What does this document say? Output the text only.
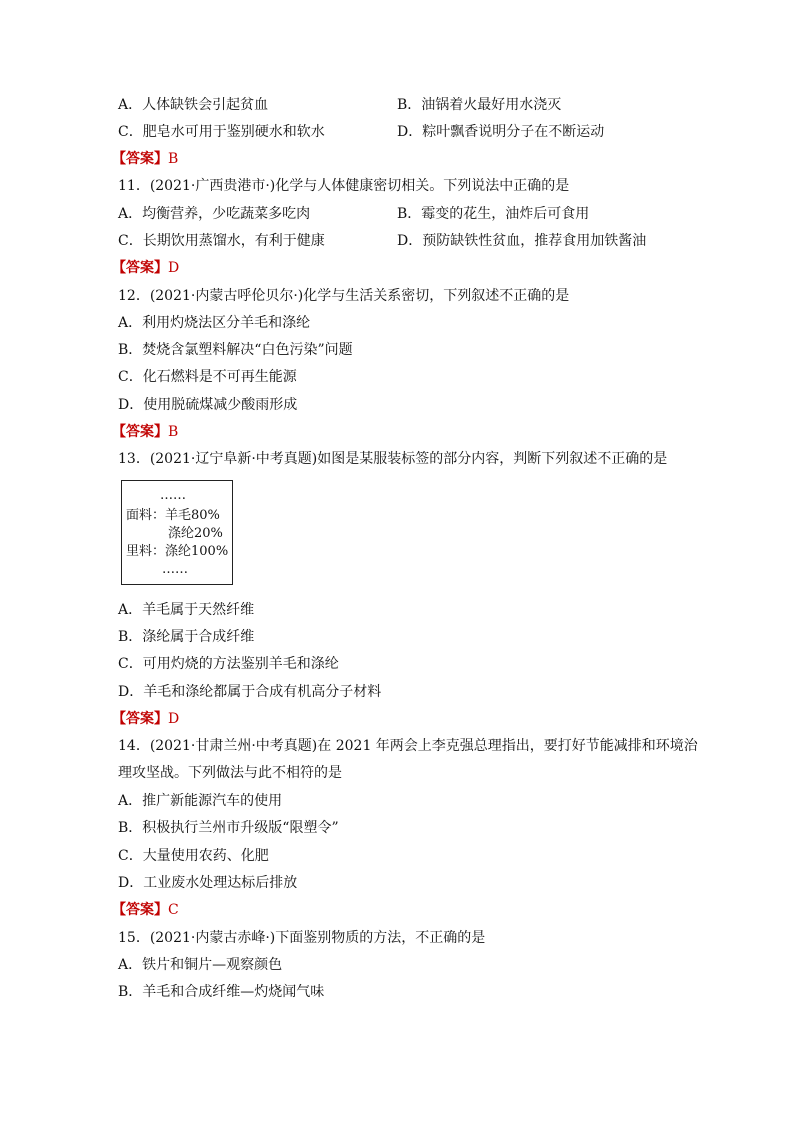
A．人体缺铁会引起贫血	B．油锅着火最好用水浇灭
C．肥皂水可用于鉴别硬水和软水	D．粽叶飘香说明分子在不断运动
【答案】B
11．(2021·广西贵港市·)化学与人体健康密切相关。下列说法中正确的是
A．均衡营养，少吃蔬菜多吃肉	B．霉变的花生，油炸后可食用
C．长期饮用蒸馏水，有利于健康	D．预防缺铁性贫血，推荐食用加铁酱油
【答案】D
12．(2021·内蒙古呼伦贝尔·)化学与生活关系密切，下列叙述不正确的是
A．利用灼烧法区分羊毛和涤纶
B．焚烧含氯塑料解决“白色污染”问题
C．化石燃料是不可再生能源
D．使用脱硫煤减少酸雨形成
【答案】B
13．(2021·辽宁阜新·中考真题)如图是某服装标签的部分内容，判断下列叙述不正确的是
……
面料：羊毛80%
涤纶20%
里料：涤纶100%
……
A．羊毛属于天然纤维
B．涤纶属于合成纤维
C．可用灼烧的方法鉴别羊毛和涤纶
D．羊毛和涤纶都属于合成有机高分子材料
【答案】D
14．(2021·甘肃兰州·中考真题)在 2021 年两会上李克强总理指出，要打好节能减排和环境治
理攻坚战。下列做法与此不相符的是
A．推广新能源汽车的使用
B．积极执行兰州市升级版“限塑令”
C．大量使用农药、化肥
D．工业废水处理达标后排放
【答案】C
15．(2021·内蒙古赤峰·)下面鉴别物质的方法，不正确的是
A．铁片和铜片—观察颜色
B．羊毛和合成纤维—灼烧闻气味
